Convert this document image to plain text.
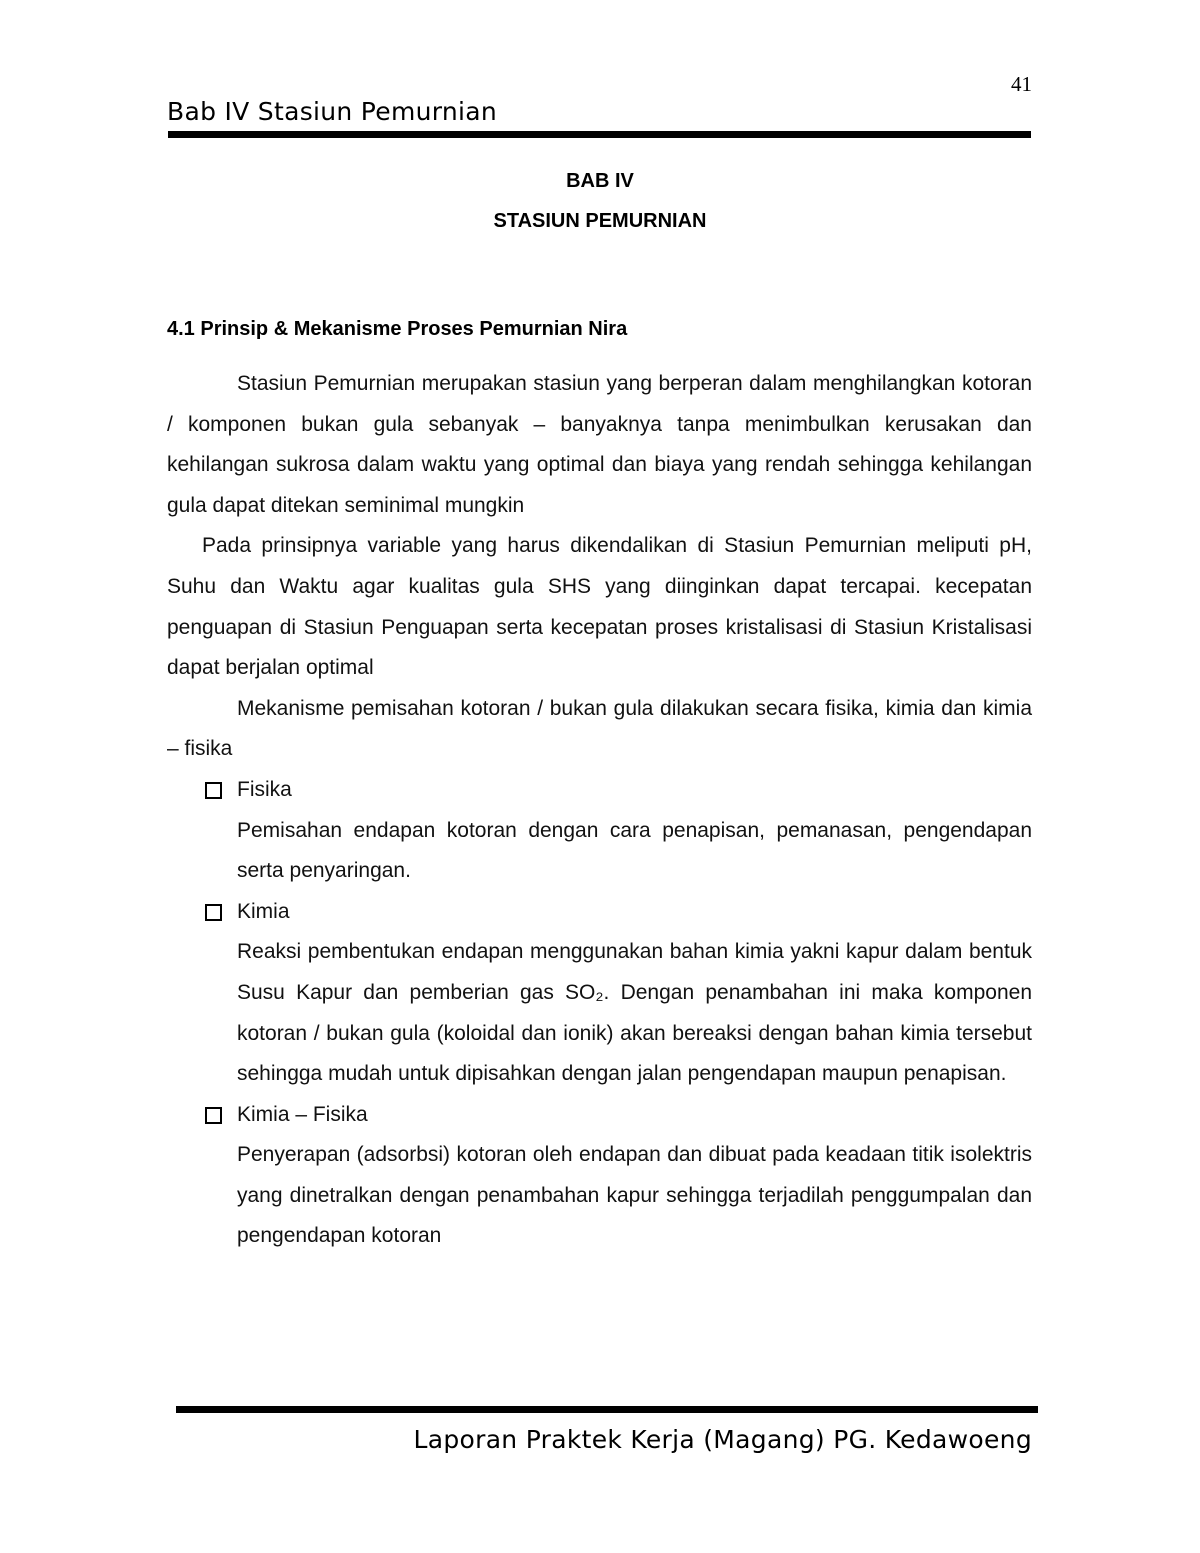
41
Bab IV Stasiun Pemurnian
BAB IV
STASIUN PEMURNIAN
4.1 Prinsip & Mekanisme Proses Pemurnian Nira

Stasiun Pemurnian merupakan stasiun yang berperan dalam menghilangkan kotoran / komponen bukan gula sebanyak – banyaknya tanpa menimbulkan kerusakan dan kehilangan sukrosa dalam waktu yang optimal dan biaya yang rendah sehingga kehilangan gula dapat ditekan seminimal mungkin

Pada prinsipnya variable yang harus dikendalikan di Stasiun Pemurnian meliputi pH, Suhu dan Waktu agar kualitas gula SHS yang diinginkan dapat tercapai. kecepatan penguapan di Stasiun Penguapan serta kecepatan proses kristalisasi di Stasiun Kristalisasi dapat berjalan optimal

Mekanisme pemisahan kotoran / bukan gula dilakukan secara fisika, kimia dan kimia – fisika

Fisika

Pemisahan endapan kotoran dengan cara penapisan, pemanasan, pengendapan serta penyaringan.

Kimia

Reaksi pembentukan endapan menggunakan bahan kimia yakni kapur dalam bentuk Susu Kapur dan pemberian gas SO₂. Dengan penambahan ini maka komponen kotoran / bukan gula (koloidal dan ionik) akan bereaksi dengan bahan kimia tersebut sehingga mudah untuk dipisahkan dengan jalan pengendapan maupun penapisan.

Kimia – Fisika

Penyerapan (adsorbsi) kotoran oleh endapan dan dibuat pada keadaan titik isolektris yang dinetralkan dengan penambahan kapur sehingga terjadilah penggumpalan dan pengendapan kotoran

Laporan Praktek Kerja (Magang) PG. Kedawoeng
